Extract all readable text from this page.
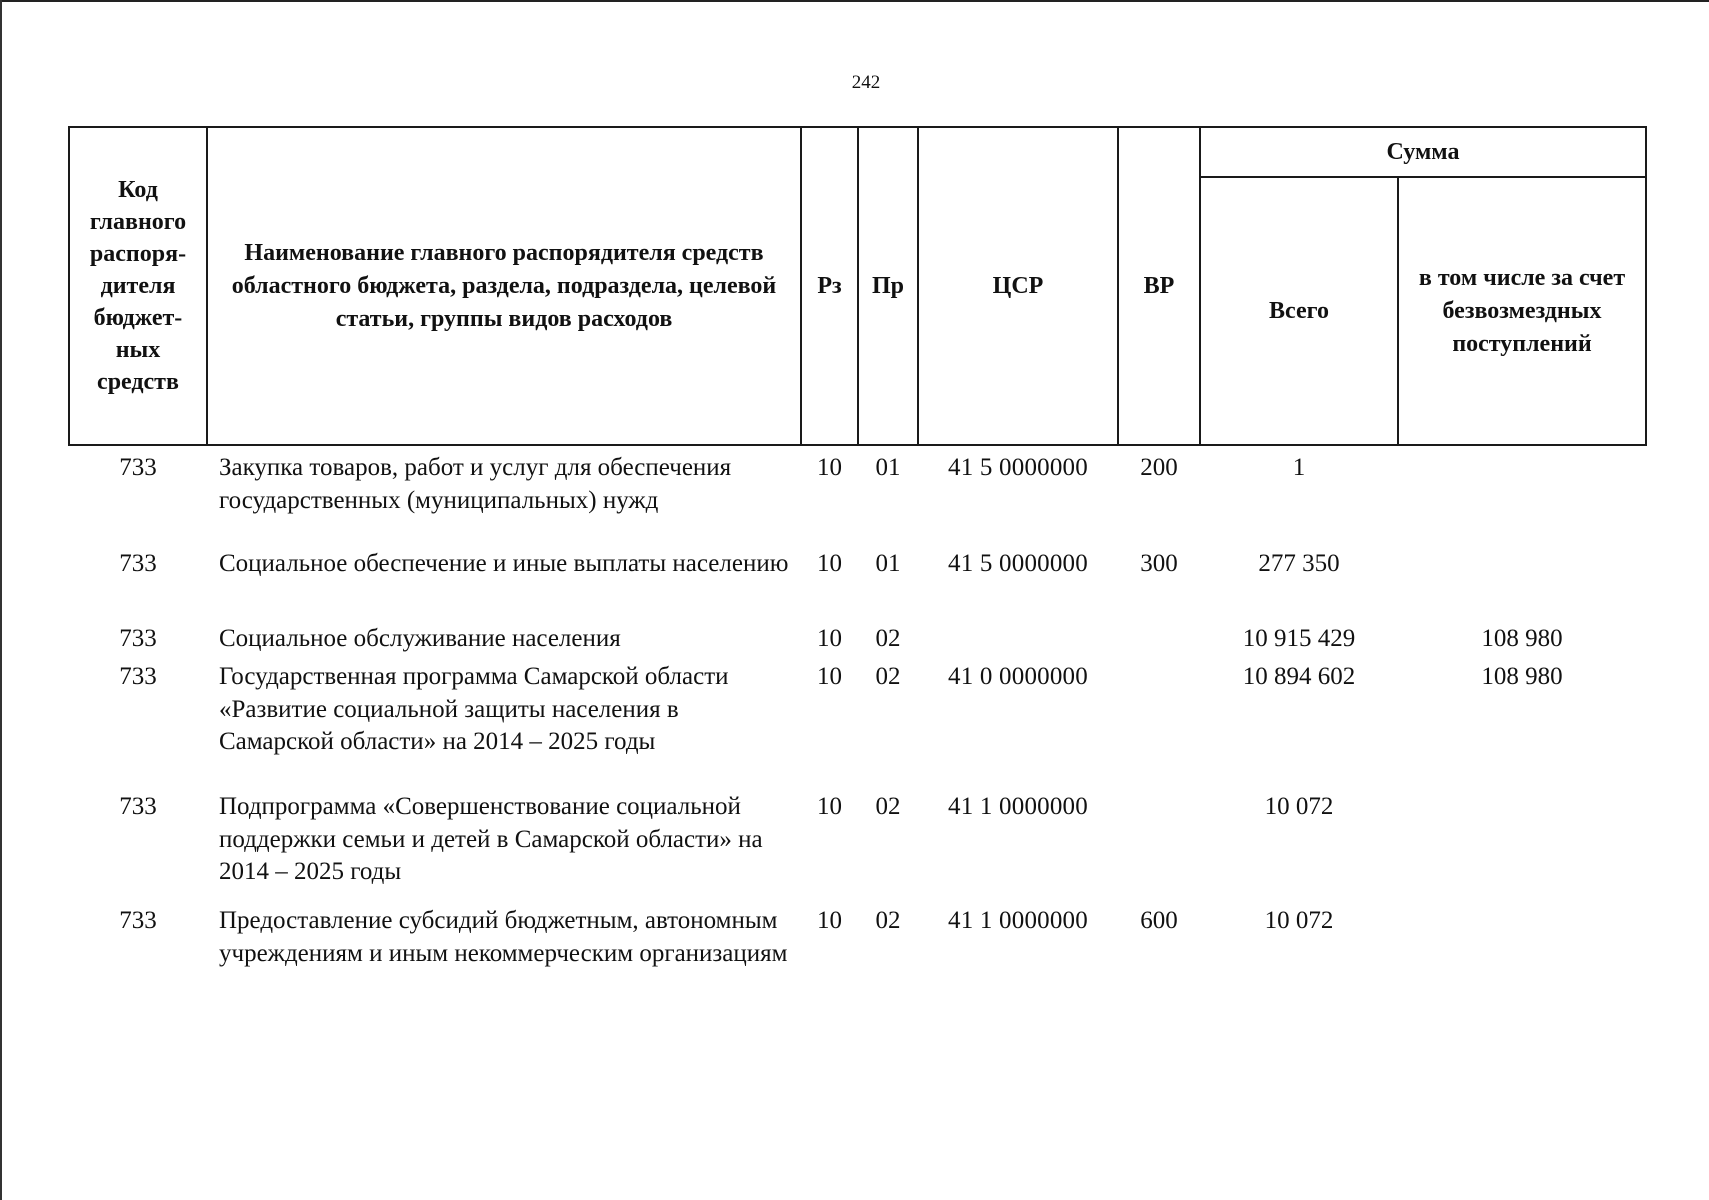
242
Код главного распоря-дителя бюджет-ных средств	Наименование главного распорядителя средств областного бюджета, раздела, подраздела, целевой статьи, группы видов расходов	Рз	Пр	ЦСР	ВР	Сумма	
						Всего	в том числе за счет безвозмездных поступлений
733	Закупка товаров, работ и услуг для обеспечения государственных (муниципальных) нужд	10	01	41 5 0000000	200	1	
733	Социальное обеспечение и иные выплаты населению	10	01	41 5 0000000	300	277 350	
733	Социальное обслуживание населения	10	02			10 915 429	108 980
733	Государственная программа Самарской области «Развитие социальной защиты населения в Самарской области» на 2014 – 2025 годы	10	02	41 0 0000000		10 894 602	108 980
733	Подпрограмма «Совершенствование социальной поддержки семьи и детей в Самарской области» на 2014 – 2025 годы	10	02	41 1 0000000		10 072	
733	Предоставление субсидий бюджетным, автономным учреждениям и иным некоммерческим организациям	10	02	41 1 0000000	600	10 072	
